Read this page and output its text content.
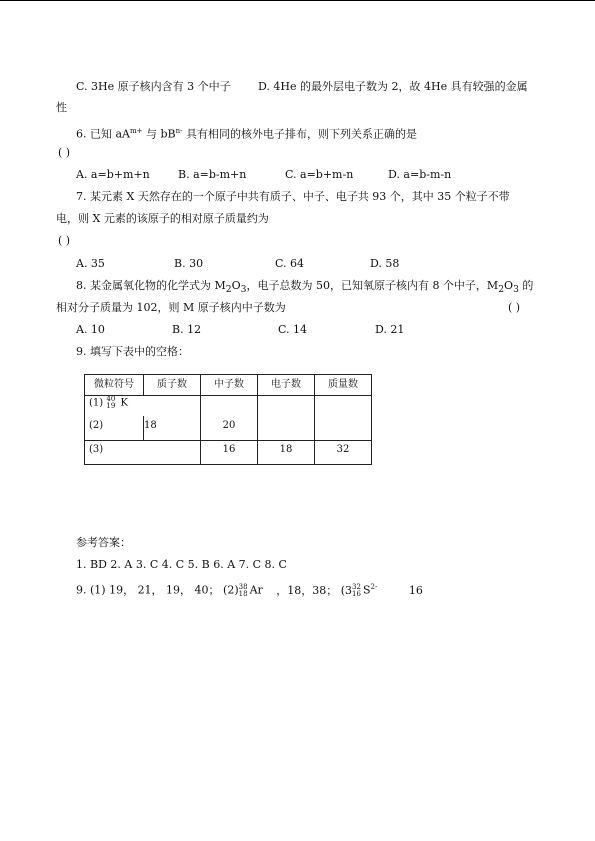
C. 3He 原子核内含有 3 个中子 D. 4He 的最外层电子数为 2，故 4He 具有较强的金属
性
6. 已知 $aA^{m+}$ 与 $bB^{n-}$ 具有相同的核外电子排布，则下列关系正确的是
( )
A. a=b+m+n	B. a=b-m+n	C. a=b+m-n	D. a=b-m-n
7. 某元素 X 天然存在的一个原子中共有质子、中子、电子共 93 个，其中 35 个粒子不带
电，则 X 元素的该原子的相对原子质量约为
( )
A. 35	B. 30	C. 64	D. 58
8. 某金属氧化物的化学式为 $M_2O_3$，电子总数为 50，已知氧原子核内有 8 个中子，$M_2O_3$ 的
相对分子质量为 102，则 M 原子核内中子数为	( )
A. 10	B. 12	C. 14	D. 21
9. 填写下表中的空格：
微粒符号	质子数	中子数	电子数	质量数
(1) 40
19 K				
(2)	18	20		
(3)		16	18	32
参考答案：
1. BD 2. A 3. C 4. C 5. B 6. A 7. C 8. C
9. (1) 19， 21， 19， 40； (2)38
18 Ar ，18，38； (332
16 $S^{2-}$	16
